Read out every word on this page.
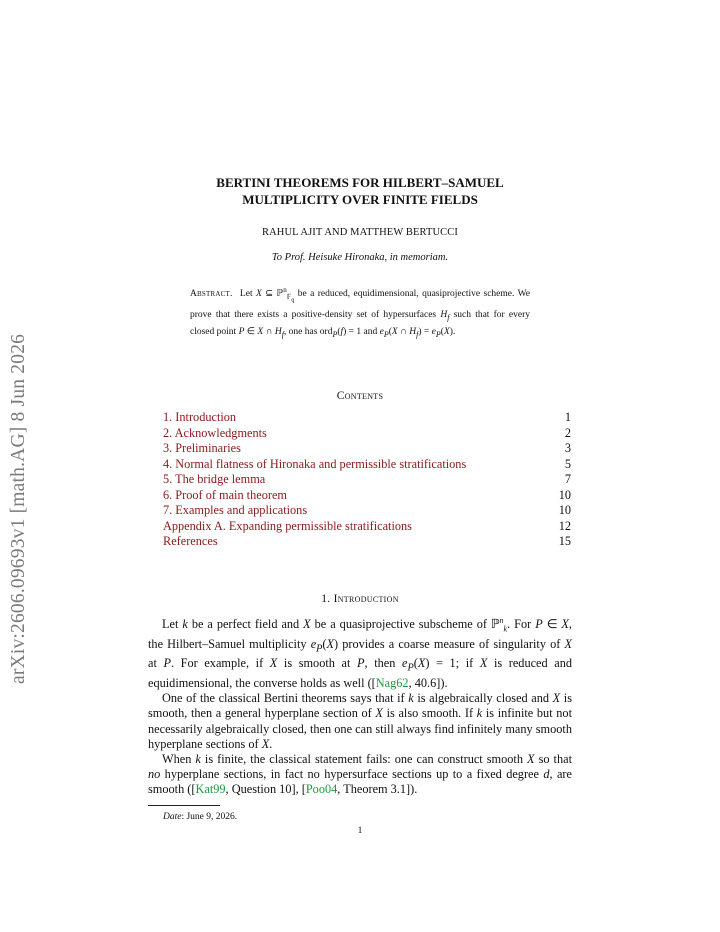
arXiv:2606.09693v1 [math.AG] 8 Jun 2026
BERTINI THEOREMS FOR HILBERT–SAMUEL
MULTIPLICITY OVER FINITE FIELDS
RAHUL AJIT AND MATTHEW BERTUCCI
To Prof. Heisuke Hironaka, in memoriam.
Abstract. Let X ⊆ ℙ$^n_{𝔽_q}$ be a reduced, equidimensional, quasiprojective scheme. We prove that there exists a positive-density set of hypersurfaces $H_f$ such that for every closed point P ∈ X ∩ $H_f$, one has ord$_P$(f) = 1 and $e_P(X$ ∩ $H_f) = e_P(X)$.
Contents
1. Introduction	1
2. Acknowledgments	2
3. Preliminaries	3
4. Normal flatness of Hironaka and permissible stratifications	5
5. The bridge lemma	7
6. Proof of main theorem	10
7. Examples and applications	10
Appendix A. Expanding permissible stratifications	12
References	15
1. Introduction

Let k be a perfect field and X be a quasiprojective subscheme of ℙ$^n_k$. For P ∈ X, the Hilbert–Samuel multiplicity $e_P(X)$ provides a coarse measure of singularity of X at P. For example, if X is smooth at P, then $e_P(X) = 1$; if X is reduced and equidimensional, the converse holds as well ([Nag62, 40.6]).

One of the classical Bertini theorems says that if k is algebraically closed and X is smooth, then a general hyperplane section of X is also smooth. If k is infinite but not necessarily algebraically closed, then one can still always find infinitely many smooth hyperplane sections of X.

When k is finite, the classical statement fails: one can construct smooth X so that no hyperplane sections, in fact no hypersurface sections up to a fixed degree d, are smooth ([Kat99, Question 10], [Poo04, Theorem 3.1]).

Date: June 9, 2026.
1
